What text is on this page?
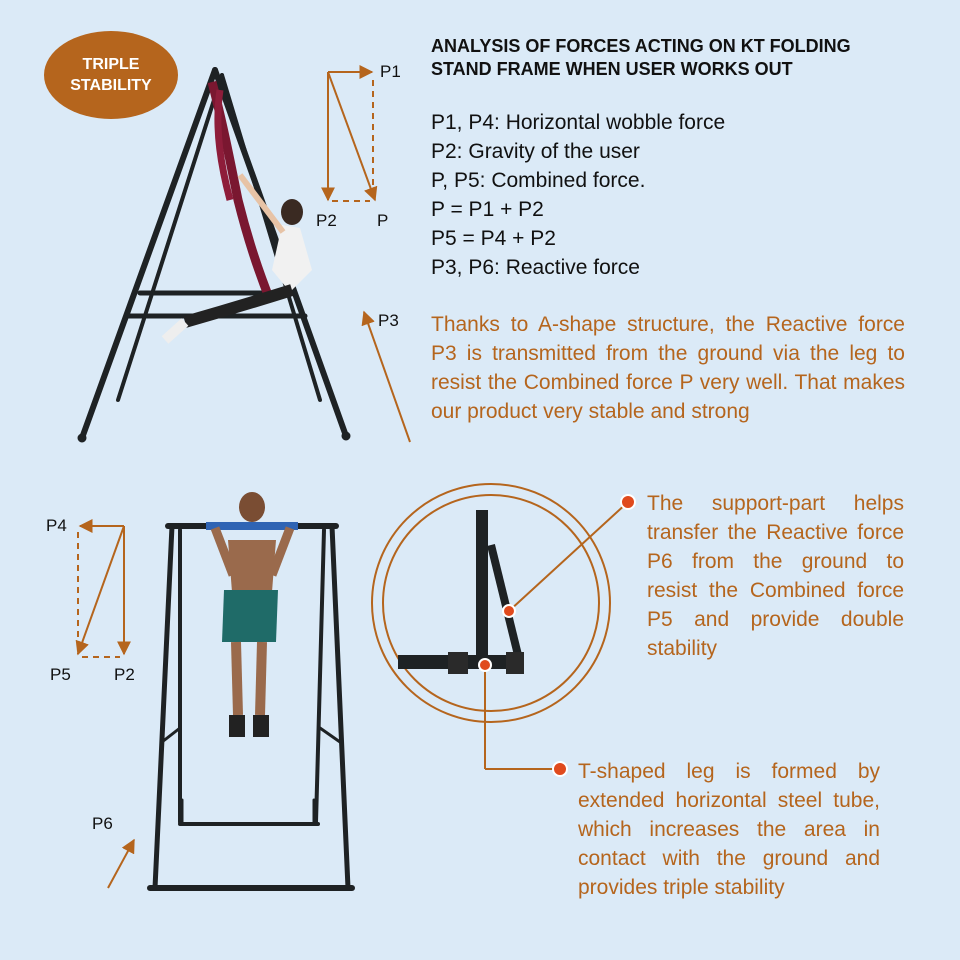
TRIPLE
STABILITY
ANALYSIS OF FORCES ACTING ON KT FOLDING
STAND FRAME WHEN USER WORKS OUT
P1, P4: Horizontal wobble force
P2: Gravity of the user
P, P5: Combined force.
P = P1 + P2
P5 = P4 + P2
P3, P6: Reactive force
Thanks to A-shape structure, the Reactive force P3 is transmitted from the ground via the leg to resist the Combined force P very well. That makes our product very stable and strong
The support-part helps transfer the Reactive force P6 from the ground to resist the Combined force P5 and provide double stability
T-shaped leg is formed by extended horizontal steel tube, which increases the area in contact with the ground and provides triple stability
P1
P2 P
P3
P4
P5	P2
P6
